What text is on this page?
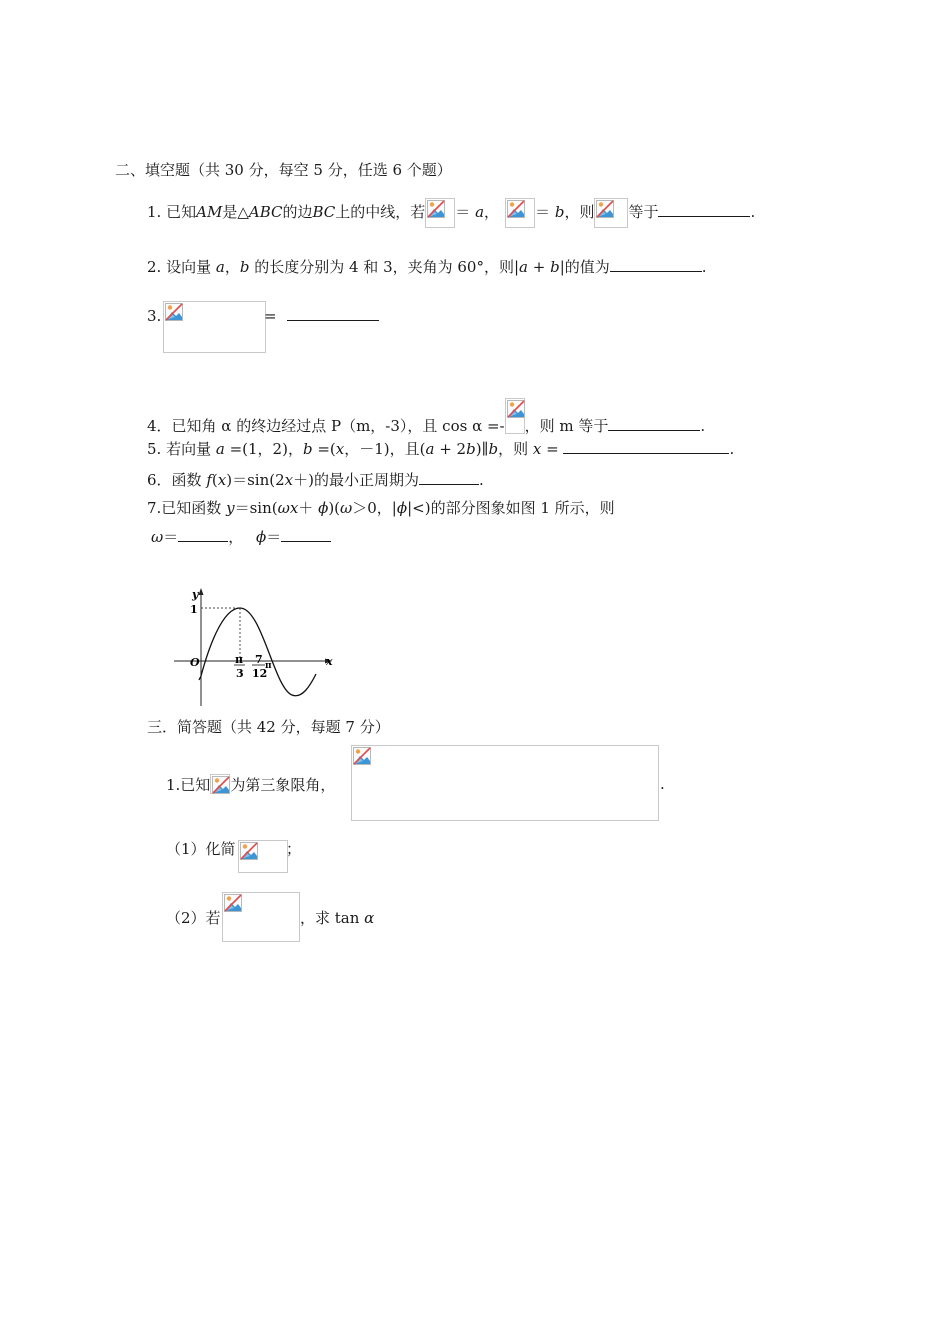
二、填空题（共 30 分，每空 5 分，任选 6 个题）
1. 已知AM是△ABC的边BC上的中线，若 ＝ a， ＝ b，则 等于	.
2. 设向量 a，b 的长度分别为 4 和 3，夹角为 60°，则|a + b|的值为	.
3.	=
4．已知角 α 的终边经过点 P（m，-3），且 cos α =- ，则 m 等于	.
5. 若向量 a =(1，2)，b =(x，－1)，且(a + 2b)∥b，则 x =	.
6．函数 f(x)＝sin(2x＋)的最小正周期为	.
7.已知函数 y＝sin(ωx＋ ϕ)(ω＞0，|ϕ|<)的部分图象如图 1 所示，则
ω＝	， ϕ＝
y
x
O
1
π
3
7
12
π
三．简答题（共 42 分，每题 7 分）
1.已知 为第三象限角，	.
（1）化简	；
（2）若	，求 tan α
